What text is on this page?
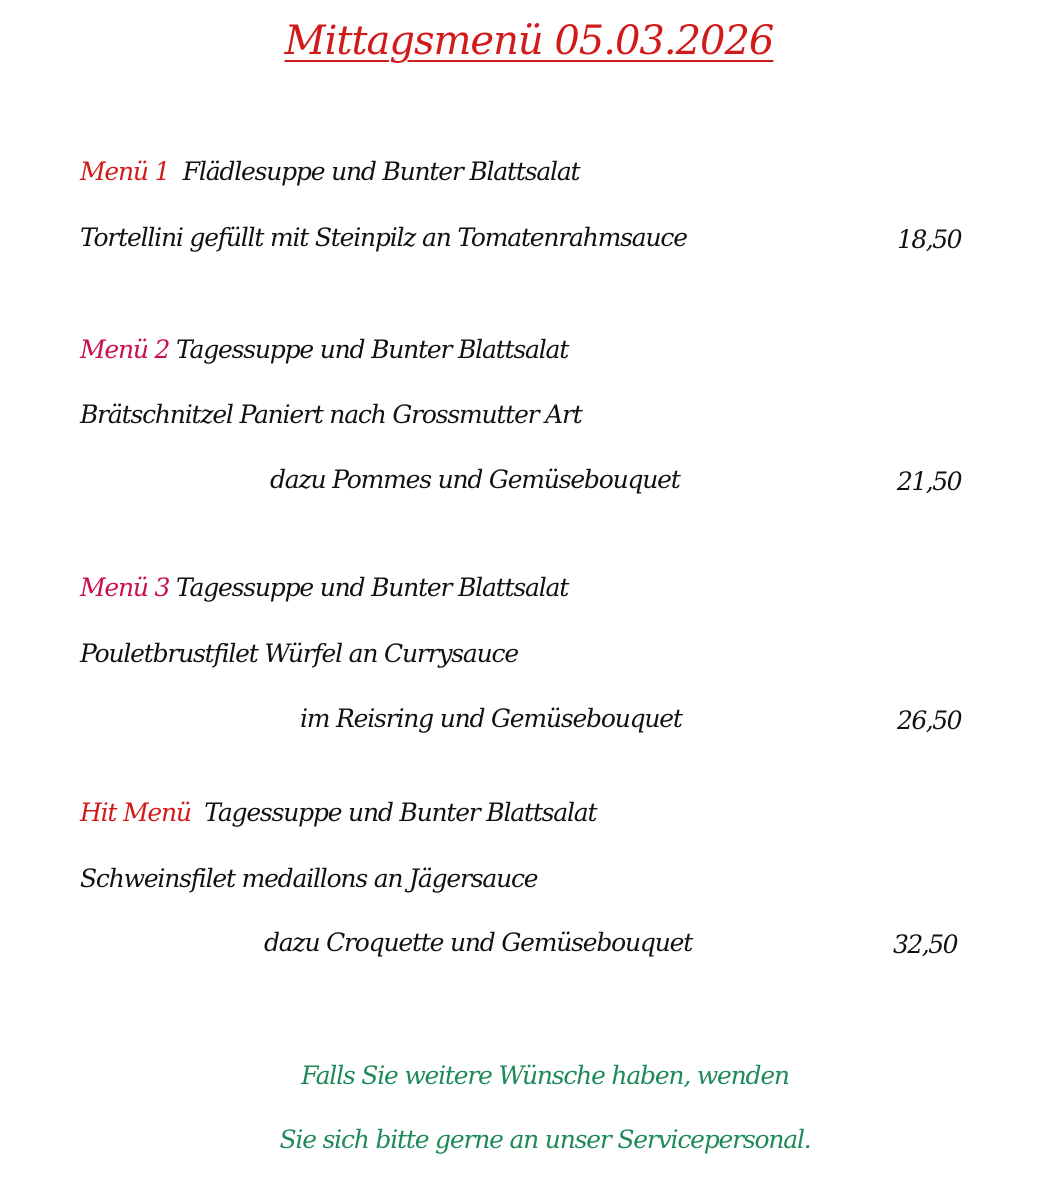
Mittagsmenü 05.03.2026
Menü 1 Flädlesuppe und Bunter Blattsalat
Tortellini gefüllt mit Steinpilz an Tomatenrahmsauce	18,50
Menü 2 Tagessuppe und Bunter Blattsalat
Brätschnitzel Paniert nach Grossmutter Art
dazu Pommes und Gemüsebouquet	21,50
Menü 3 Tagessuppe und Bunter Blattsalat
Pouletbrustfilet Würfel an Currysauce
im Reisring und Gemüsebouquet	26,50
Hit Menü Tagessuppe und Bunter Blattsalat
Schweinsfilet medaillons an Jägersauce
dazu Croquette und Gemüsebouquet	32,50
Falls Sie weitere Wünsche haben, wenden
Sie sich bitte gerne an unser Servicepersonal.
